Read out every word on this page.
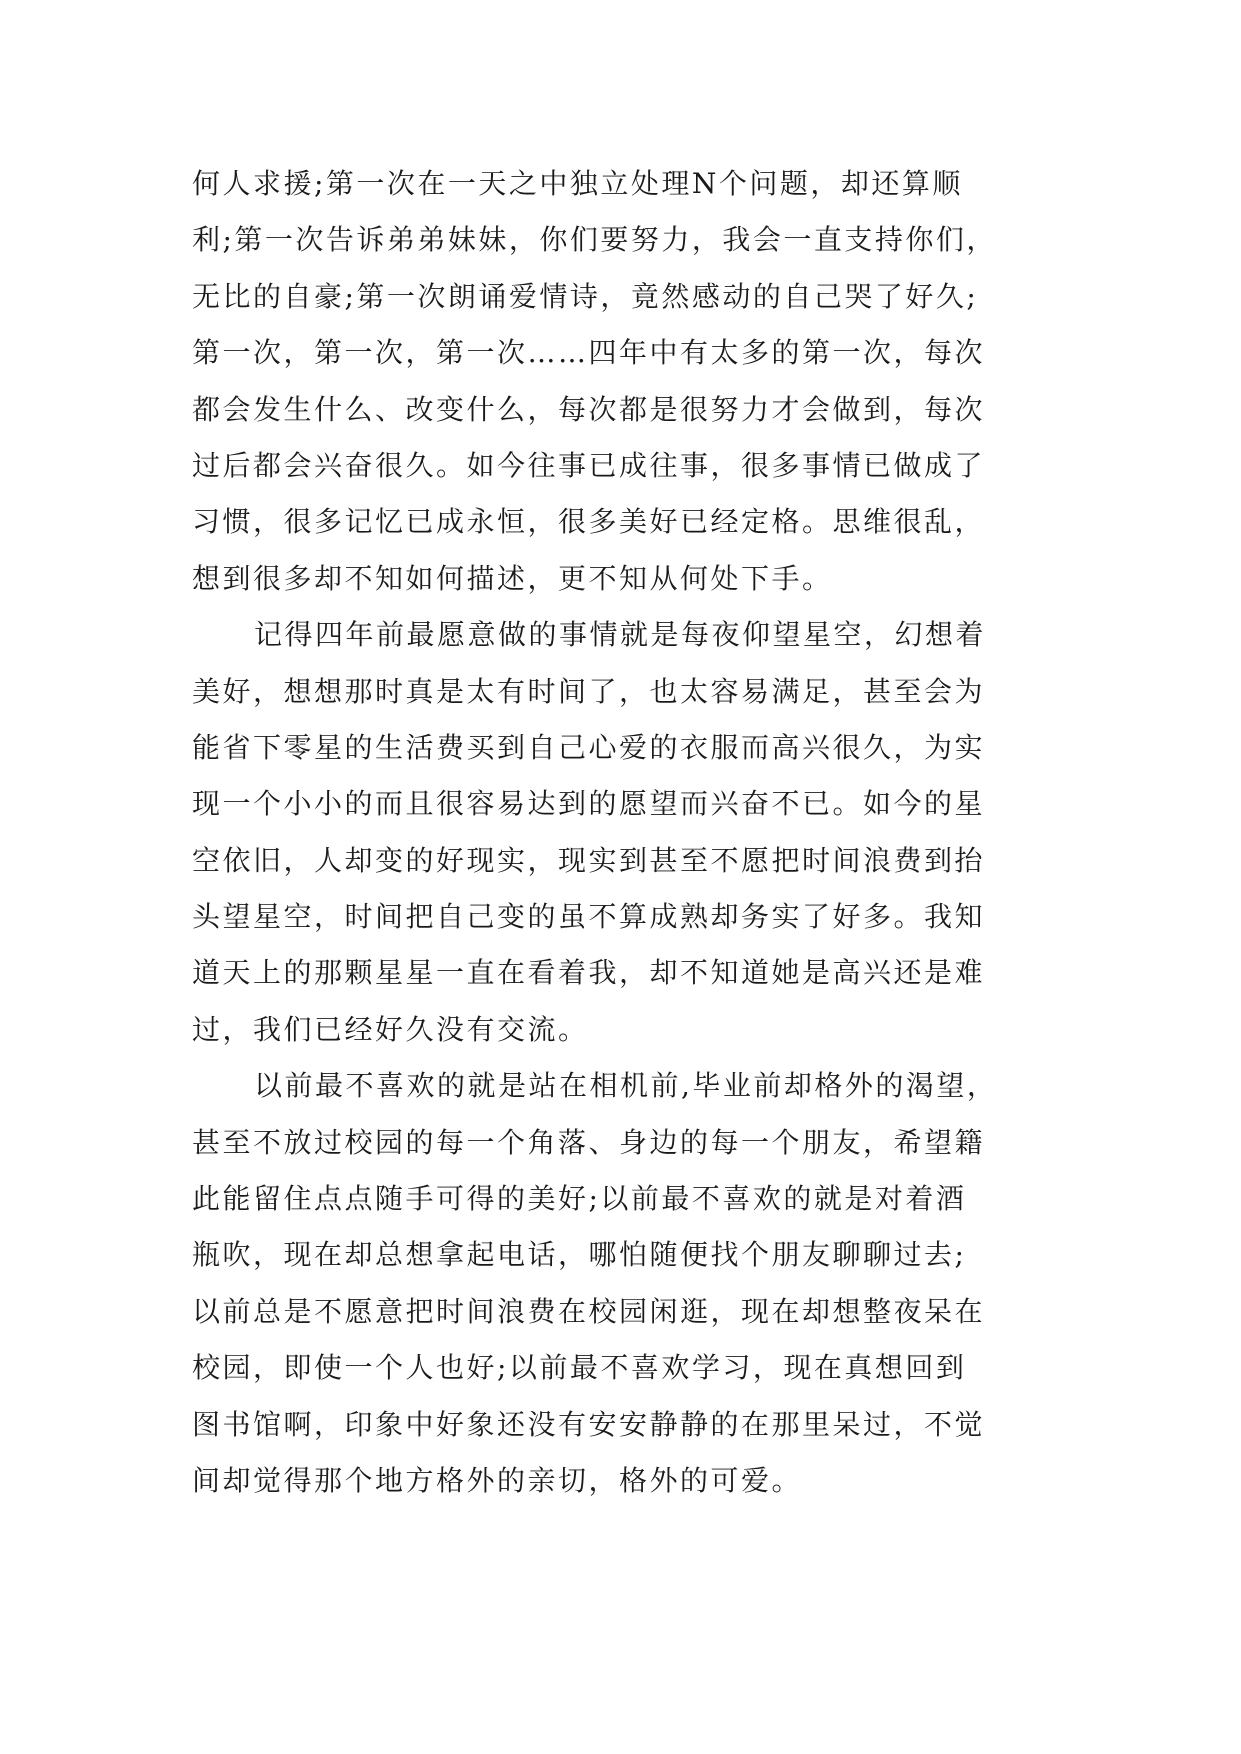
何人求援;第一次在一天之中独立处理N个问题，却还算顺
利;第一次告诉弟弟妹妹，你们要努力，我会一直支持你们，
无比的自豪;第一次朗诵爱情诗，竟然感动的自己哭了好久;
第一次，第一次，第一次……四年中有太多的第一次，每次
都会发生什么、改变什么，每次都是很努力才会做到，每次
过后都会兴奋很久。如今往事已成往事，很多事情已做成了
习惯，很多记忆已成永恒，很多美好已经定格。思维很乱，
想到很多却不知如何描述，更不知从何处下手。
记得四年前最愿意做的事情就是每夜仰望星空，幻想着
美好，想想那时真是太有时间了，也太容易满足，甚至会为
能省下零星的生活费买到自己心爱的衣服而高兴很久，为实
现一个小小的而且很容易达到的愿望而兴奋不已。如今的星
空依旧，人却变的好现实，现实到甚至不愿把时间浪费到抬
头望星空，时间把自己变的虽不算成熟却务实了好多。我知
道天上的那颗星星一直在看着我，却不知道她是高兴还是难
过，我们已经好久没有交流。
以前最不喜欢的就是站在相机前,毕业前却格外的渴望，
甚至不放过校园的每一个角落、身边的每一个朋友，希望籍
此能留住点点随手可得的美好;以前最不喜欢的就是对着酒
瓶吹，现在却总想拿起电话，哪怕随便找个朋友聊聊过去;
以前总是不愿意把时间浪费在校园闲逛，现在却想整夜呆在
校园，即使一个人也好;以前最不喜欢学习，现在真想回到
图书馆啊，印象中好象还没有安安静静的在那里呆过，不觉
间却觉得那个地方格外的亲切，格外的可爱。
